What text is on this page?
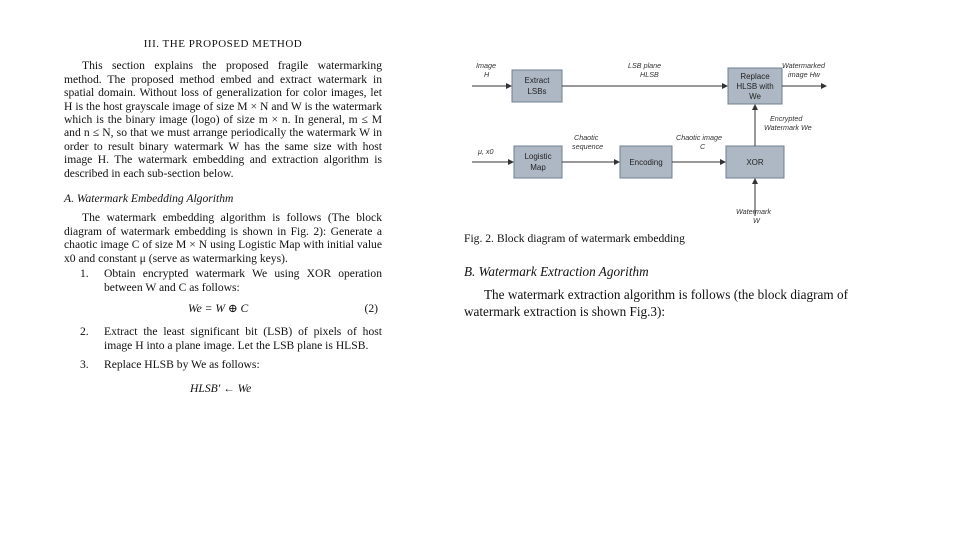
III. THE PROPOSED METHOD

This section explains the proposed fragile watermarking method. The proposed method embed and extract watermark in spatial domain. Without loss of generalization for color images, let H is the host grayscale image of size M × N and W is the watermark which is the binary image (logo) of size m × n. In general, m ≤ M and n ≤ N, so that we must arrange periodically the watermark W in order to result binary watermark W has the same size with host image H. The watermark embedding and extraction algorithm is described in each sub-section below.

A. Watermark Embedding Algorithm

The watermark embedding algorithm is follows (The block diagram of watermark embedding is shown in Fig. 2): Generate a chaotic image C of size M × N using Logistic Map with initial value x0 and constant μ (serve as watermarking keys).

1. Obtain encrypted watermark We using XOR operation between W and C as follows:
We = W ⊕ C	(2)
2. Extract the least significant bit (LSB) of pixels of host image H into a plane image. Let the LSB plane is HLSB.
3. Replace HLSB by We as follows:
HLSB' ← We
Extract
LSBs
Replace
HLSB with
We
Logistic
Map
Encoding	XOR
Image
H
LSB plane
HLSB
Watermarked
image Hw
Encrypted
Watermark We
μ, x0
Chaotic
sequence
Chaotic image
C
Watermark
W
Fig. 2. Block diagram of watermark embedding
B. Watermark Extraction Agorithm

The watermark extraction algorithm is follows (the block diagram of watermark extraction is shown Fig.3):
